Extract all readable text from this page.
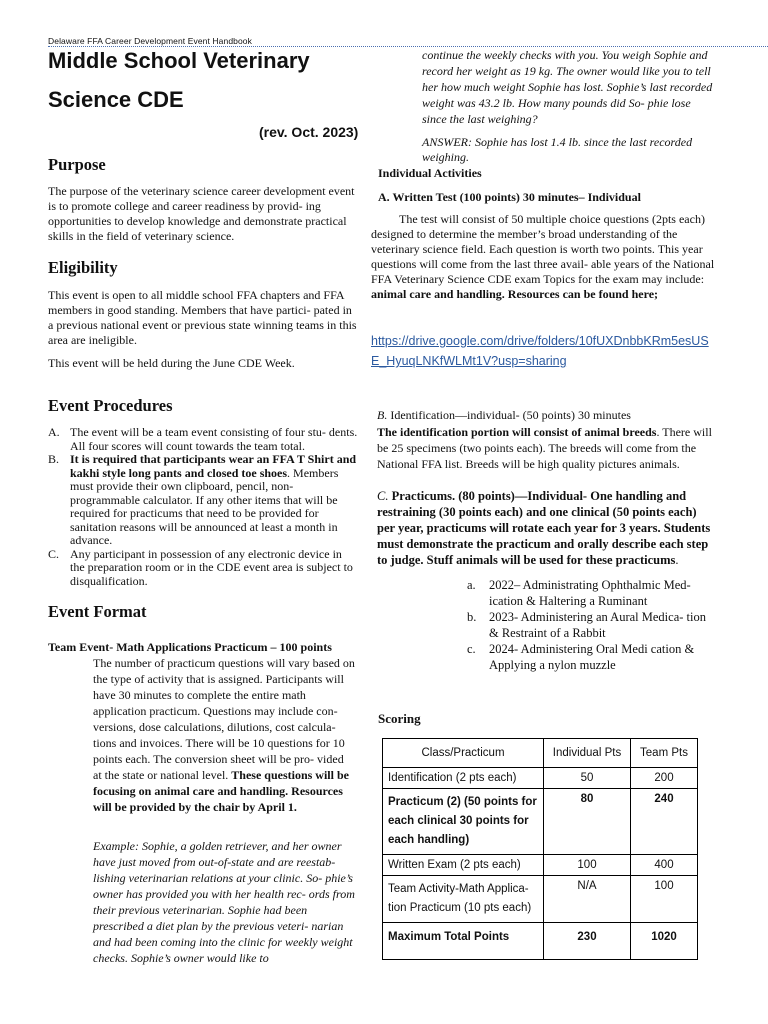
Delaware FFA Career Development Event Handbook
Middle School Veterinary
Science CDE
(rev. Oct. 2023)
Purpose

The purpose of the veterinary science career development event is to promote college and career readiness by provid- ing opportunities to develop knowledge and demonstrate practical skills in the field of veterinary science.

Eligibility

This event is open to all middle school FFA chapters and FFA members in good standing. Members that have partici- pated in a previous national event or previous state winning teams in this area are ineligible.

This event will be held during the June CDE Week.

Event Procedures
A. The event will be a team event consisting of four stu- dents. All four scores will count towards the team total.
B. It is required that participants wear an FFA T Shirt and kakhi style long pants and closed toe shoes. Members must provide their own clipboard, pencil, non- programmable calculator. If any other items that will be required for practicums that need to be provided for sanitation reasons will be announced at least a month in advance.
C. Any participant in possession of any electronic device in the preparation room or in the CDE event area is subject to disqualification.
Event Format
Team Event- Math Applications Practicum – 100 points

The number of practicum questions will vary based on the type of activity that is assigned. Participants will have 30 minutes to complete the entire math application practicum. Questions may include con- versions, dose calculations, dilutions, cost calcula- tions and invoices. There will be 10 questions for 10 points each. The conversion sheet will be pro- vided at the state or national level. These questions will be focusing on animal care and handling. Resources will be provided by the chair by April 1.

Example: Sophie, a golden retriever, and her owner have just moved from out-of-state and are reestab- lishing veterinarian relations at your clinic. So- phie’s owner has provided you with her health rec- ords from their previous veterinarian. Sophie had been prescribed a diet plan by the previous veteri- narian and had been coming into the clinic for weekly weight checks. Sophie’s owner would like to

continue the weekly checks with you. You weigh Sophie and record her weight as 19 kg. The owner would like you to tell her how much weight Sophie has lost. Sophie’s last recorded weight was 43.2 lb. How many pounds did So- phie lose since the last weighing?

ANSWER: Sophie has lost 1.4 lb. since the last recorded weighing.

Individual Activities
A. Written Test (100 points) 30 minutes– Individual

The test will consist of 50 multiple choice questions (2pts each) designed to determine the member’s broad understanding of the veterinary science field. Each question is worth two points. This year questions will come from the last three avail- able years of the National FFA Veterinary Science CDE exam Topics for the exam may include: animal care and handling. Resources can be found here;

https://drive.google.com/drive/folders/10fUXDnbbKRm5esUS
E_HyuqLNKfWLMt1V?usp=sharing

B. Identification—individual- (50 points) 30 minutes

The identification portion will consist of animal breeds. There will be 25 specimens (two points each). The breeds will come from the National FFA list. Breeds will be high quality pictures animals.

C. Practicums. (80 points)—Individual- One handling and restraining (30 points each) and one clinical (50 points each) per year, practicums will rotate each year for 3 years. Students must demonstrate the practicum and orally describe each step to judge. Stuff animals will be used for these practicums.

a. 2022– Administrating Ophthalmic Med- ication & Haltering a Ruminant
b. 2023- Administering an Aural Medica- tion & Restraint of a Rabbit
c. 2024- Administering Oral Medi cation & Applying a nylon muzzle
Scoring
Class/Practicum	Individual Pts	Team Pts
Identification (2 pts each)	50	200
Practicum (2) (50 points for each clinical 30 points for each handling)	80	240
Written Exam (2 pts each)	100	400
Team Activity-Math Applica- tion Practicum (10 pts each)	N/A	100
Maximum Total Points	230	1020
